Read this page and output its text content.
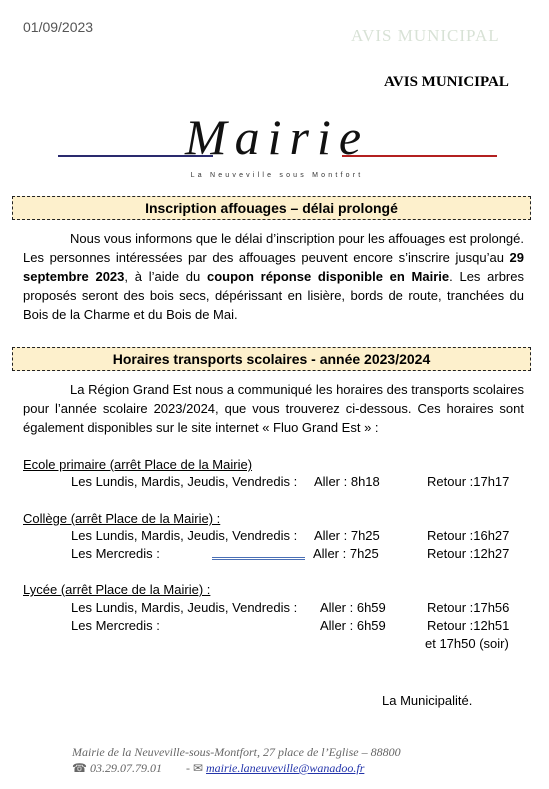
01/09/2023	AVIS MUNICIPAL
AVIS MUNICIPAL
Mairie
La Neuveville sous Montfort
Inscription affouages – délai prolongé
Nous vous informons que le délai d’inscription pour les affouages est prolongé. Les personnes intéressées par des affouages peuvent encore s’inscrire jusqu’au 29 septembre 2023, à l’aide du coupon réponse disponible en Mairie. Les arbres proposés seront des bois secs, dépérissant en lisière, bords de route, tranchées du Bois de la Charme et du Bois de Mai.
Horaires transports scolaires - année 2023/2024
La Région Grand Est nous a communiqué les horaires des transports scolaires pour l’année scolaire 2023/2024, que vous trouverez ci-dessous. Ces horaires sont également disponibles sur le site internet « Fluo Grand Est » :
Ecole primaire (arrêt Place de la Mairie)
Les Lundis, Mardis, Jeudis, Vendredis : Aller : 8h18	Retour :17h17
Collège (arrêt Place de la Mairie) :
Les Lundis, Mardis, Jeudis, Vendredis : Aller : 7h25	Retour :16h27
Les Mercredis :	Aller : 7h25	Retour :12h27
Lycée (arrêt Place de la Mairie) :
Les Lundis, Mardis, Jeudis, Vendredis : Aller : 6h59	Retour :17h56
Les Mercredis :	Aller : 6h59	Retour :12h51
et 17h50 (soir)
La Municipalité.
Mairie de la Neuveville-sous-Montfort, 27 place de l’Eglise – 88800
☎ 03.29.07.79.01 - ✉ mairie.laneuveville@wanadoo.fr
